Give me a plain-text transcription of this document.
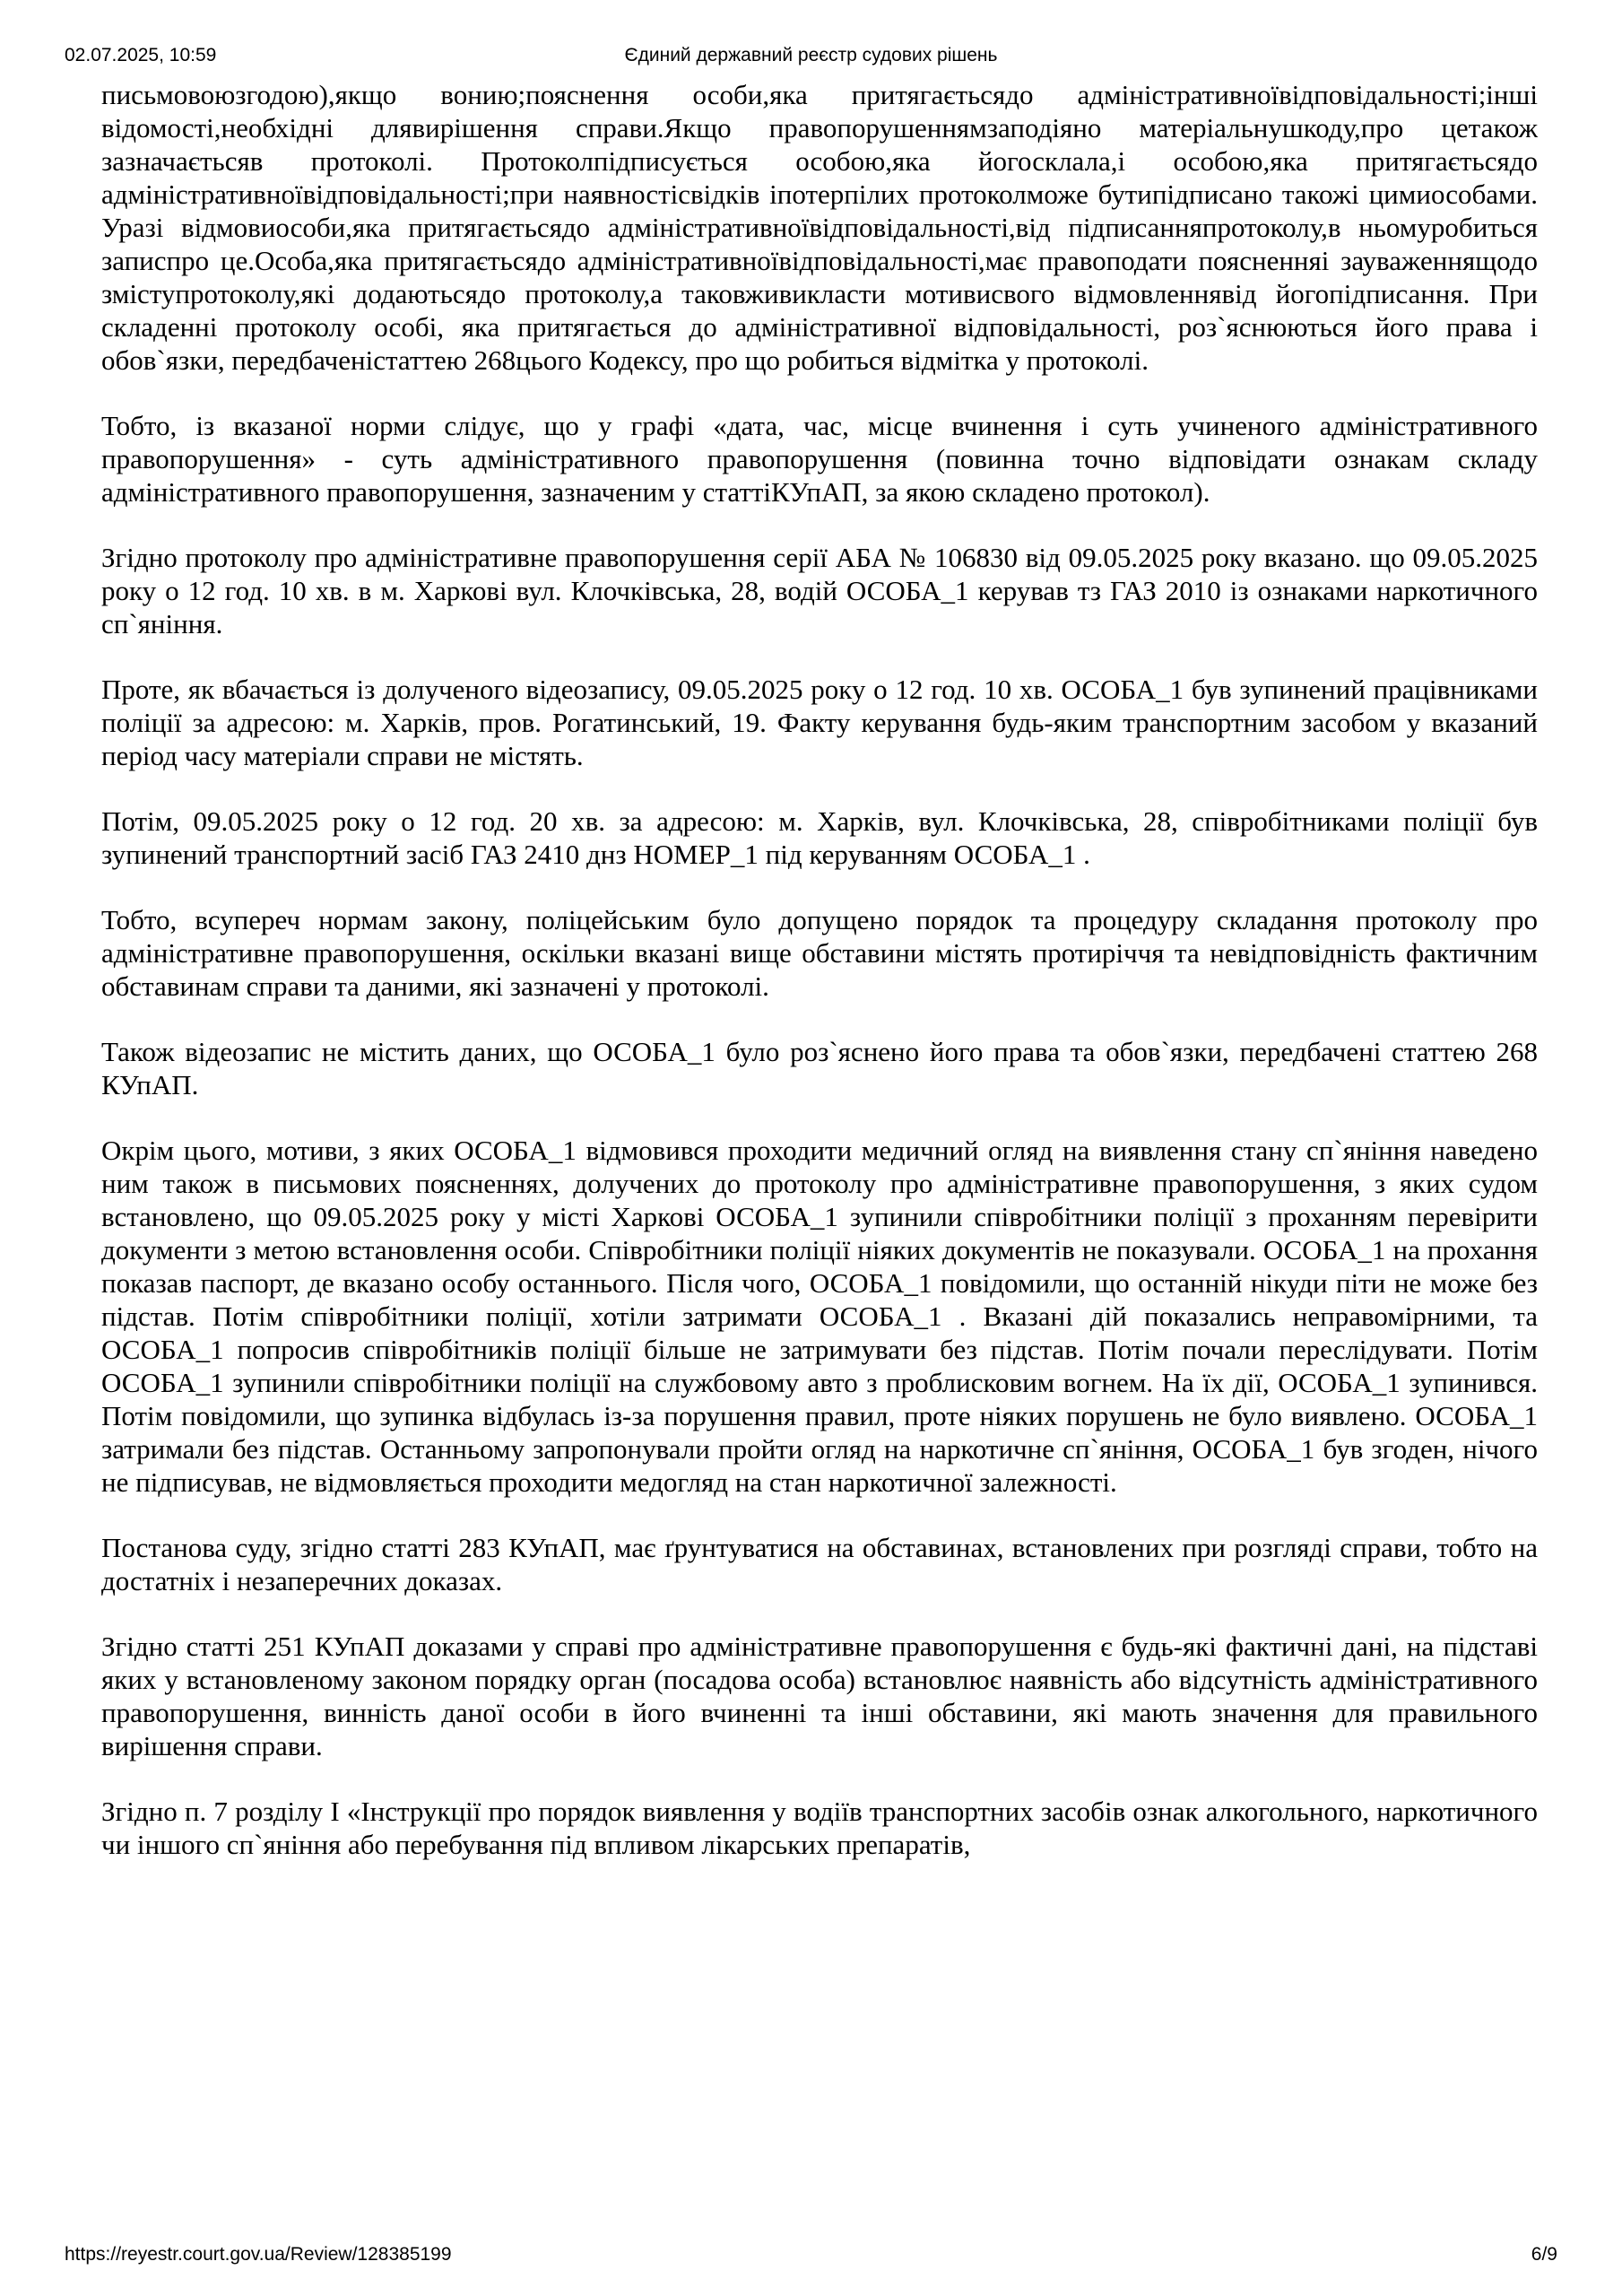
02.07.2025, 10:59	Єдиний державний реєстр судових рішень

письмовоюзгодою),якщо вонию;пояснення особи,яка притягаєтьсядо адміністративноївідповідальності;інші відомості,необхідні длявирішення справи.Якщо правопорушеннямзаподіяно матеріальнушкоду,про цетакож зазначаєтьсяв протоколі. Протоколпідписується особою,яка йогосклала,і особою,яка притягаєтьсядо адміністративноївідповідальності;при наявностісвідків іпотерпілих протоколможе бутипідписано такожі цимиособами. Уразі відмовиособи,яка притягаєтьсядо адміністративноївідповідальності,від підписанняпротоколу,в ньомуробиться записпро це.Особа,яка притягаєтьсядо адміністративноївідповідальності,має правоподати поясненняі зауваженнящодо зміступротоколу,які додаютьсядо протоколу,а таковживикласти мотивисвого відмовленнявід йогопідписання. При складенні протоколу особі, яка притягається до адміністративної відповідальності, роз`яснюються його права і обов`язки, передбаченістаттею 268цього Кодексу, про що робиться відмітка у протоколі.

Тобто, із вказаної норми слідує, що у графі «дата, час, місце вчинення і суть учиненого адміністративного правопорушення» - суть адміністративного правопорушення (повинна точно відповідати ознакам складу адміністративного правопорушення, зазначеним у статтіКУпАП, за якою складено протокол).

Згідно протоколу про адміністративне правопорушення серії АБА № 106830 від 09.05.2025 року вказано. що 09.05.2025 року о 12 год. 10 хв. в м. Харкові вул. Клочківська, 28, водій ОСОБА_1 керував тз ГАЗ 2010 із ознаками наркотичного сп`яніння.

Проте, як вбачається із долученого відеозапису, 09.05.2025 року о 12 год. 10 хв. ОСОБА_1 був зупинений працівниками поліції за адресою: м. Харків, пров. Рогатинський, 19. Факту керування будь-яким транспортним засобом у вказаний період часу матеріали справи не містять.

Потім, 09.05.2025 року о 12 год. 20 хв. за адресою: м. Харків, вул. Клочківська, 28, співробітниками поліції був зупинений транспортний засіб ГАЗ 2410 днз НОМЕР_1 під керуванням ОСОБА_1 .

Тобто, всупереч нормам закону, поліцейським було допущено порядок та процедуру складання протоколу про адміністративне правопорушення, оскільки вказані вище обставини містять протиріччя та невідповідність фактичним обставинам справи та даними, які зазначені у протоколі.

Також відеозапис не містить даних, що ОСОБА_1 було роз`яснено його права та обов`язки, передбачені статтею 268 КУпАП.

Окрім цього, мотиви, з яких ОСОБА_1 відмовився проходити медичний огляд на виявлення стану сп`яніння наведено ним також в письмових поясненнях, долучених до протоколу про адміністративне правопорушення, з яких судом встановлено, що 09.05.2025 року у місті Харкові ОСОБА_1 зупинили співробітники поліції з проханням перевірити документи з метою встановлення особи. Співробітники поліції ніяких документів не показували. ОСОБА_1 на прохання показав паспорт, де вказано особу останнього. Після чого, ОСОБА_1 повідомили, що останній нікуди піти не може без підстав. Потім співробітники поліції, хотіли затримати ОСОБА_1 . Вказані дій показались неправомірними, та ОСОБА_1 попросив співробітників поліції більше не затримувати без підстав. Потім почали переслідувати. Потім ОСОБА_1 зупинили співробітники поліції на службовому авто з проблисковим вогнем. На їх дії, ОСОБА_1 зупинився. Потім повідомили, що зупинка відбулась із-за порушення правил, проте ніяких порушень не було виявлено. ОСОБА_1 затримали без підстав. Останньому запропонували пройти огляд на наркотичне сп`яніння, ОСОБА_1 був згоден, нічого не підписував, не відмовляється проходити медогляд на стан наркотичної залежності.

Постанова суду, згідно статті 283 КУпАП, має ґрунтуватися на обставинах, встановлених при розгляді справи, тобто на достатніх і незаперечних доказах.

Згідно статті 251 КУпАП доказами у справі про адміністративне правопорушення є будь-які фактичні дані, на підставі яких у встановленому законом порядку орган (посадова особа) встановлює наявність або відсутність адміністративного правопорушення, винність даної особи в його вчиненні та інші обставини, які мають значення для правильного вирішення справи.

Згідно п. 7 розділу І «Інструкції про порядок виявлення у водіїв транспортних засобів ознак алкогольного, наркотичного чи іншого сп`яніння або перебування під впливом лікарських препаратів,

https://reyestr.court.gov.ua/Review/128385199	6/9
